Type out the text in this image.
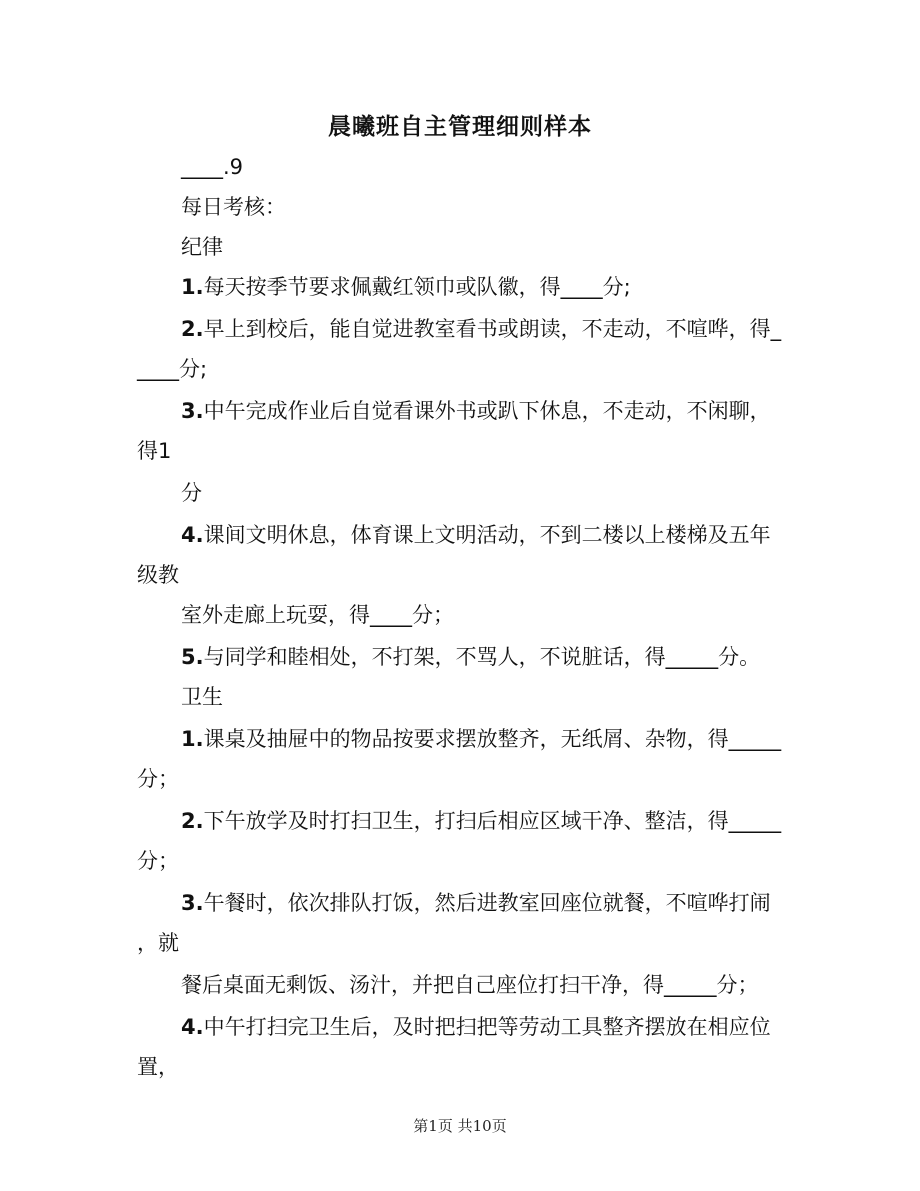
晨曦班自主管理细则样本
____.9
每日考核：
纪律
1.每天按季节要求佩戴红领巾或队徽，得____分;
2.早上到校后，能自觉进教室看书或朗读，不走动，不喧哗，得_
____分;
3.中午完成作业后自觉看课外书或趴下休息，不走动，不闲聊，
得1
分
4.课间文明休息，体育课上文明活动，不到二楼以上楼梯及五年
级教
室外走廊上玩耍，得____分；
5.与同学和睦相处，不打架，不骂人，不说脏话，得_____分。
卫生
1.课桌及抽屉中的物品按要求摆放整齐，无纸屑、杂物，得_____
分；
2.下午放学及时打扫卫生，打扫后相应区域干净、整洁，得_____
分；
3.午餐时，依次排队打饭，然后进教室回座位就餐，不喧哗打闹
，就
餐后桌面无剩饭、汤汁，并把自己座位打扫干净，得_____分；
4.中午打扫完卫生后，及时把扫把等劳动工具整齐摆放在相应位
置，
第1页 共10页
